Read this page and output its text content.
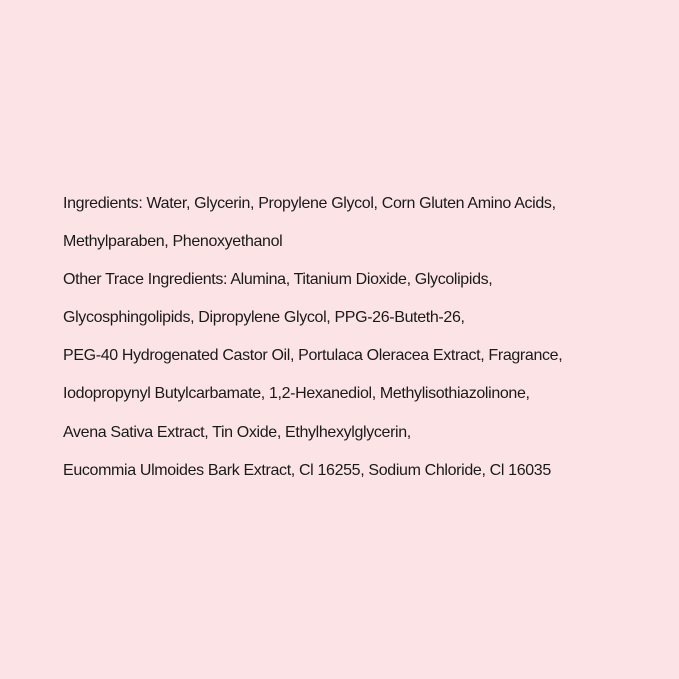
Ingredients: Water, Glycerin, Propylene Glycol, Corn Gluten Amino Acids,
Methylparaben, Phenoxyethanol
Other Trace Ingredients: Alumina, Titanium Dioxide, Glycolipids,
Glycosphingolipids, Dipropylene Glycol, PPG-26-Buteth-26,
PEG-40 Hydrogenated Castor Oil, Portulaca Oleracea Extract, Fragrance,
Iodopropynyl Butylcarbamate, 1,2-Hexanediol, Methylisothiazolinone,
Avena Sativa Extract, Tin Oxide, Ethylhexylglycerin,
Eucommia Ulmoides Bark Extract, Cl 16255, Sodium Chloride, Cl 16035
